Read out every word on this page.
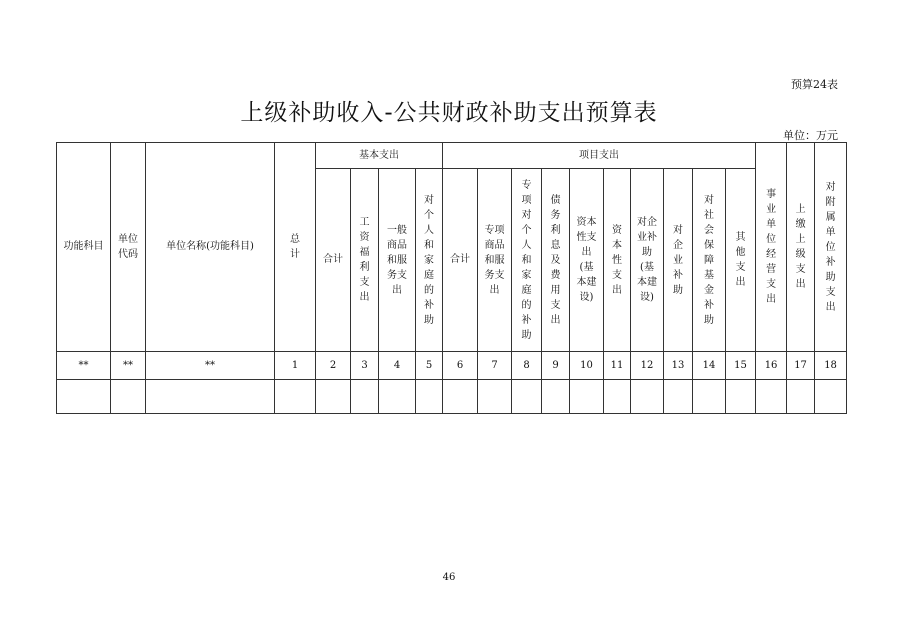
预算24表
上级补助收入-公共财政补助支出预算表
单位：万元
功能科目	单位代码	单位名称(功能科目)	总计	基本支出				项目支出										事业单位经营支出	上缴上级支出	对附属单位补助支出
				合计	工资福利支出	一般商品和服务支出	对个人和家庭的补助	合计	专项商品和服务支出	专项对个人和家庭的补助	债务利息及费用支出	资本性支出(基本建设)	资本性支出	对企业补助(基本建设)	对企业补助	对社会保障基金补助	其他支出			
**	**	**	1	2	3	4	5	6	7	8	9	10	11	12	13	14	15	16	17	18

46
